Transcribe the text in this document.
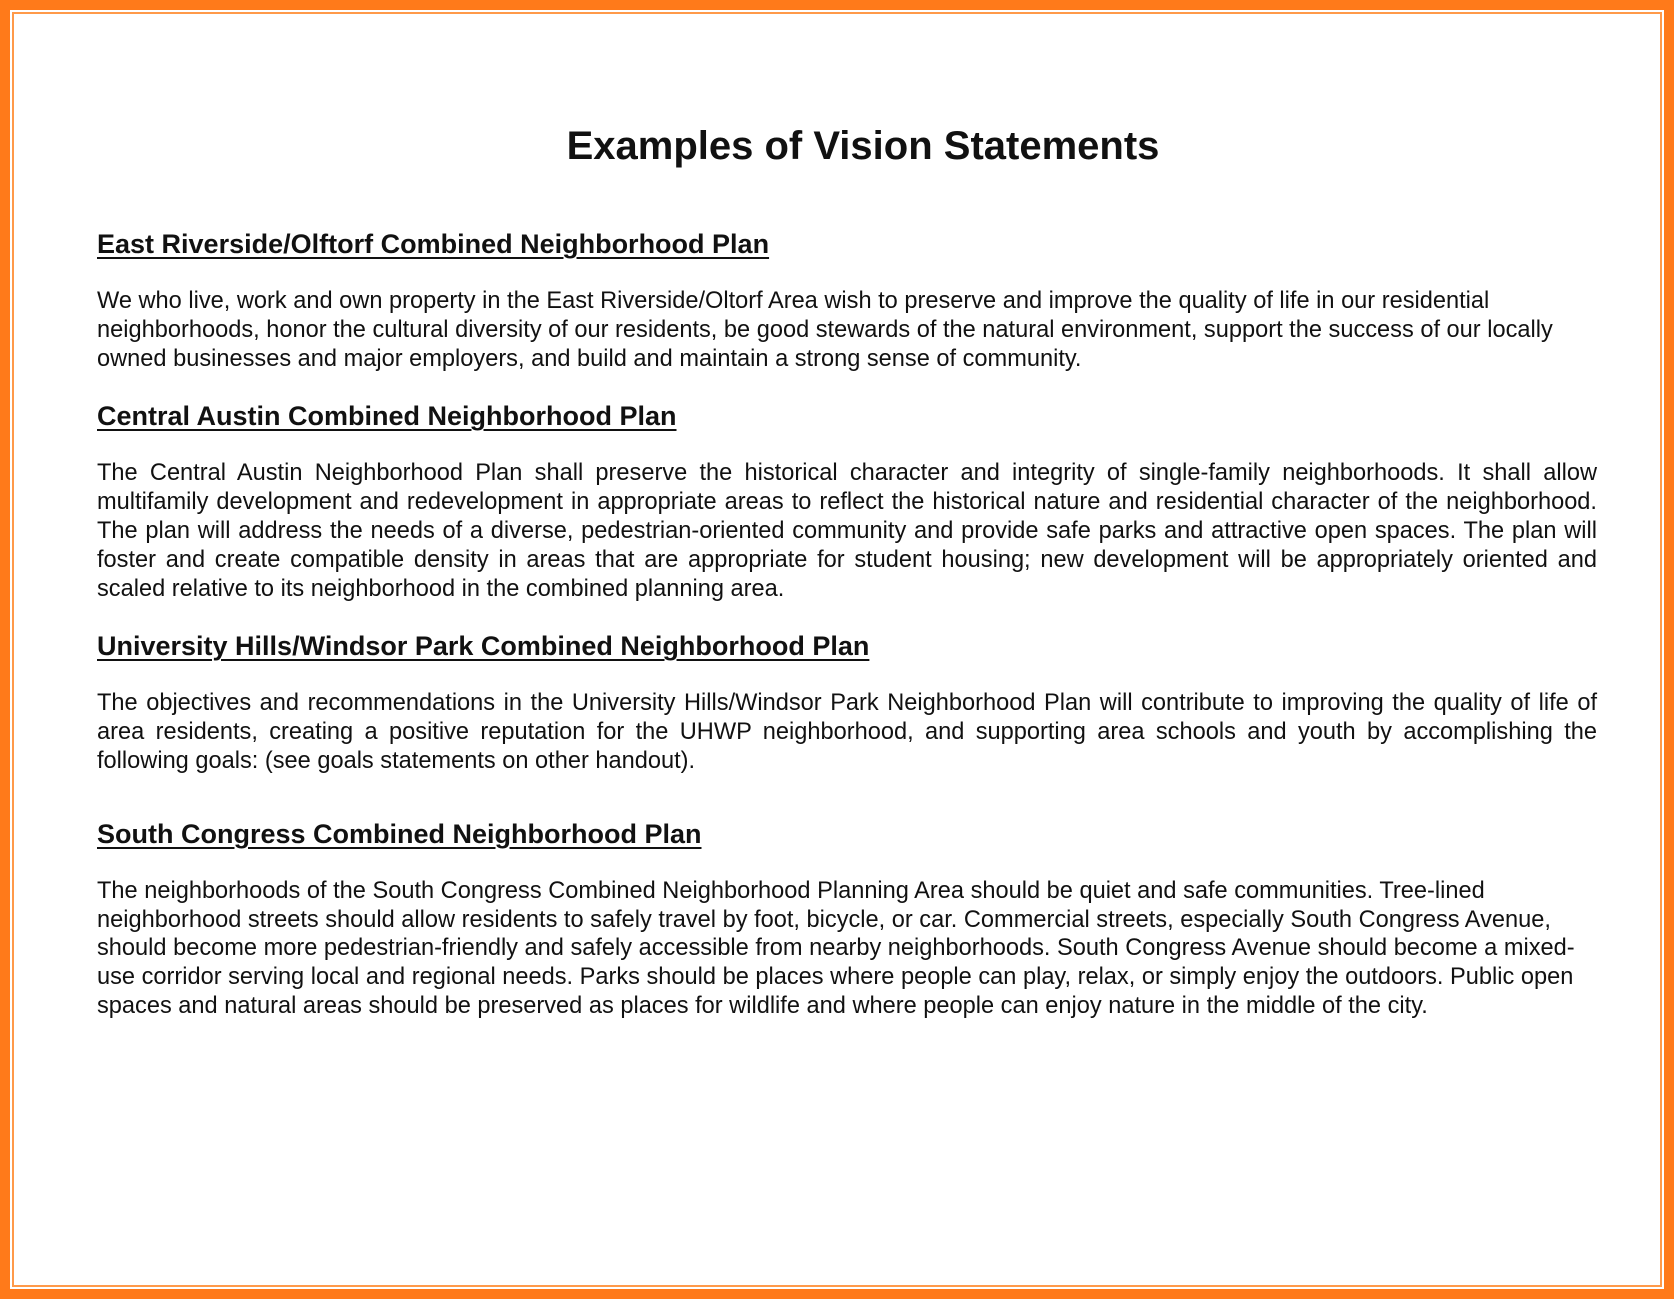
Examples of Vision Statements
East Riverside/Olftorf Combined Neighborhood Plan

We who live, work and own property in the East Riverside/Oltorf Area wish to preserve and improve the quality of life in our residential neighborhoods, honor the cultural diversity of our residents, be good stewards of the natural environment, support the success of our locally owned businesses and major employers, and build and maintain a strong sense of community.

Central Austin Combined Neighborhood Plan

The Central Austin Neighborhood Plan shall preserve the historical character and integrity of single-family neighborhoods. It shall allow multifamily development and redevelopment in appropriate areas to reflect the historical nature and residential character of the neighborhood. The plan will address the needs of a diverse, pedestrian-oriented community and provide safe parks and attractive open spaces. The plan will foster and create compatible density in areas that are appropriate for student housing; new development will be appropriately oriented and scaled relative to its neighborhood in the combined planning area.

University Hills/Windsor Park Combined Neighborhood Plan

The objectives and recommendations in the University Hills/Windsor Park Neighborhood Plan will contribute to improving the quality of life of area residents, creating a positive reputation for the UHWP neighborhood, and supporting area schools and youth by accomplishing the following goals: (see goals statements on other handout).

South Congress Combined Neighborhood Plan

The neighborhoods of the South Congress Combined Neighborhood Planning Area should be quiet and safe communities. Tree-lined neighborhood streets should allow residents to safely travel by foot, bicycle, or car. Commercial streets, especially South Congress Avenue, should become more pedestrian-friendly and safely accessible from nearby neighborhoods. South Congress Avenue should become a mixed-use corridor serving local and regional needs. Parks should be places where people can play, relax, or simply enjoy the outdoors. Public open spaces and natural areas should be preserved as places for wildlife and where people can enjoy nature in the middle of the city.
